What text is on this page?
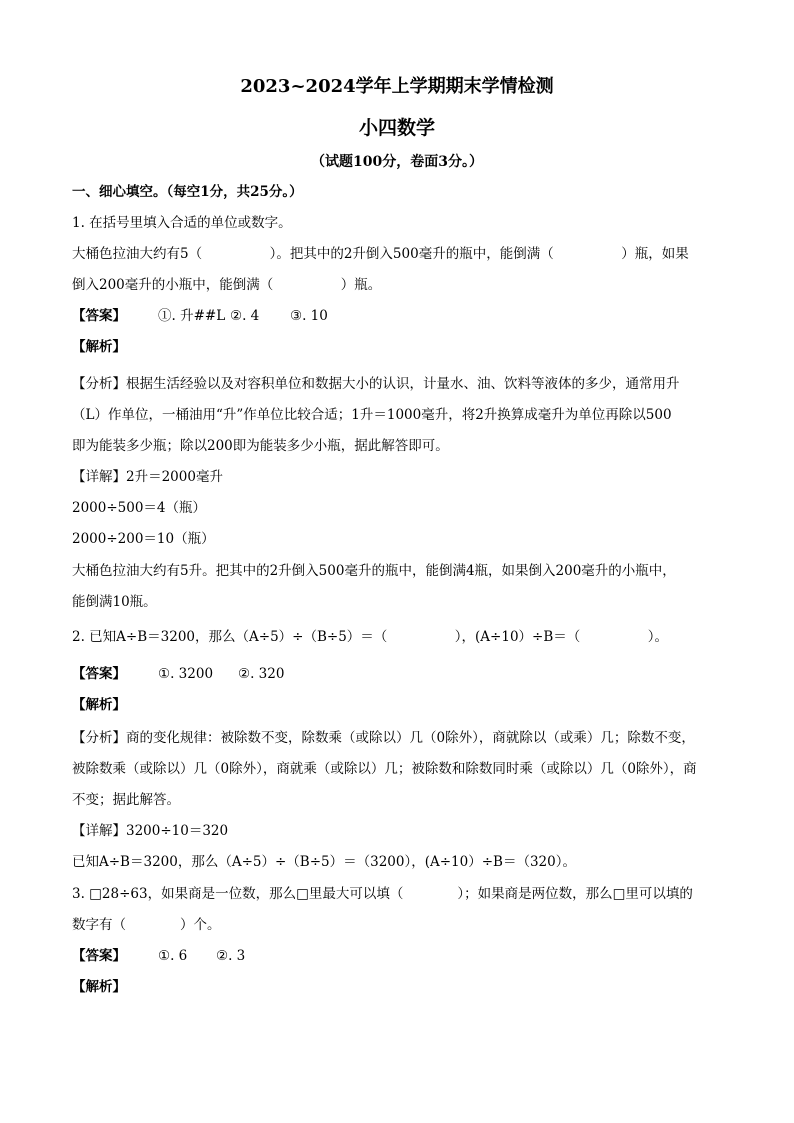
2023~2024学年上学期期末学情检测
小四数学
（试题100分，卷面3分。）
一、细心填空。（每空1分，共25分。）
1. 在括号里填入合适的单位或数字。
大桶色拉油大约有5（　　　　　）。把其中的2升倒入500毫升的瓶中，能倒满（　　　　　）瓶，如果
倒入200毫升的小瓶中，能倒满（　　　　　）瓶。
【答案】 ①. 升##L ②. 4 ③. 10
【解析】
【分析】根据生活经验以及对容积单位和数据大小的认识，计量水、油、饮料等液体的多少，通常用升
（L）作单位，一桶油用“升”作单位比较合适；1升＝1000毫升，将2升换算成毫升为单位再除以500
即为能装多少瓶；除以200即为能装多少小瓶，据此解答即可。
【详解】2升＝2000毫升
2000÷500＝4（瓶）
2000÷200＝10（瓶）
大桶色拉油大约有5升。把其中的2升倒入500毫升的瓶中，能倒满4瓶，如果倒入200毫升的小瓶中，
能倒满10瓶。
2. 已知A÷B＝3200，那么（A÷5）÷（B÷5）＝（　　　　　），(A÷10）÷B＝（　　　　　）。
【答案】 ①. 3200 ②. 320
【解析】
【分析】商的变化规律：被除数不变，除数乘（或除以）几（0除外），商就除以（或乘）几；除数不变，
被除数乘（或除以）几（0除外），商就乘（或除以）几；被除数和除数同时乘（或除以）几（0除外），商
不变；据此解答。
【详解】3200÷10＝320
已知A÷B＝3200，那么（A÷5）÷（B÷5）＝（3200），(A÷10）÷B＝（320）。
3. □28÷63，如果商是一位数，那么□里最大可以填（　　　　）；如果商是两位数，那么□里可以填的
数字有（　　　　）个。
【答案】 ①. 6 ②. 3
【解析】
